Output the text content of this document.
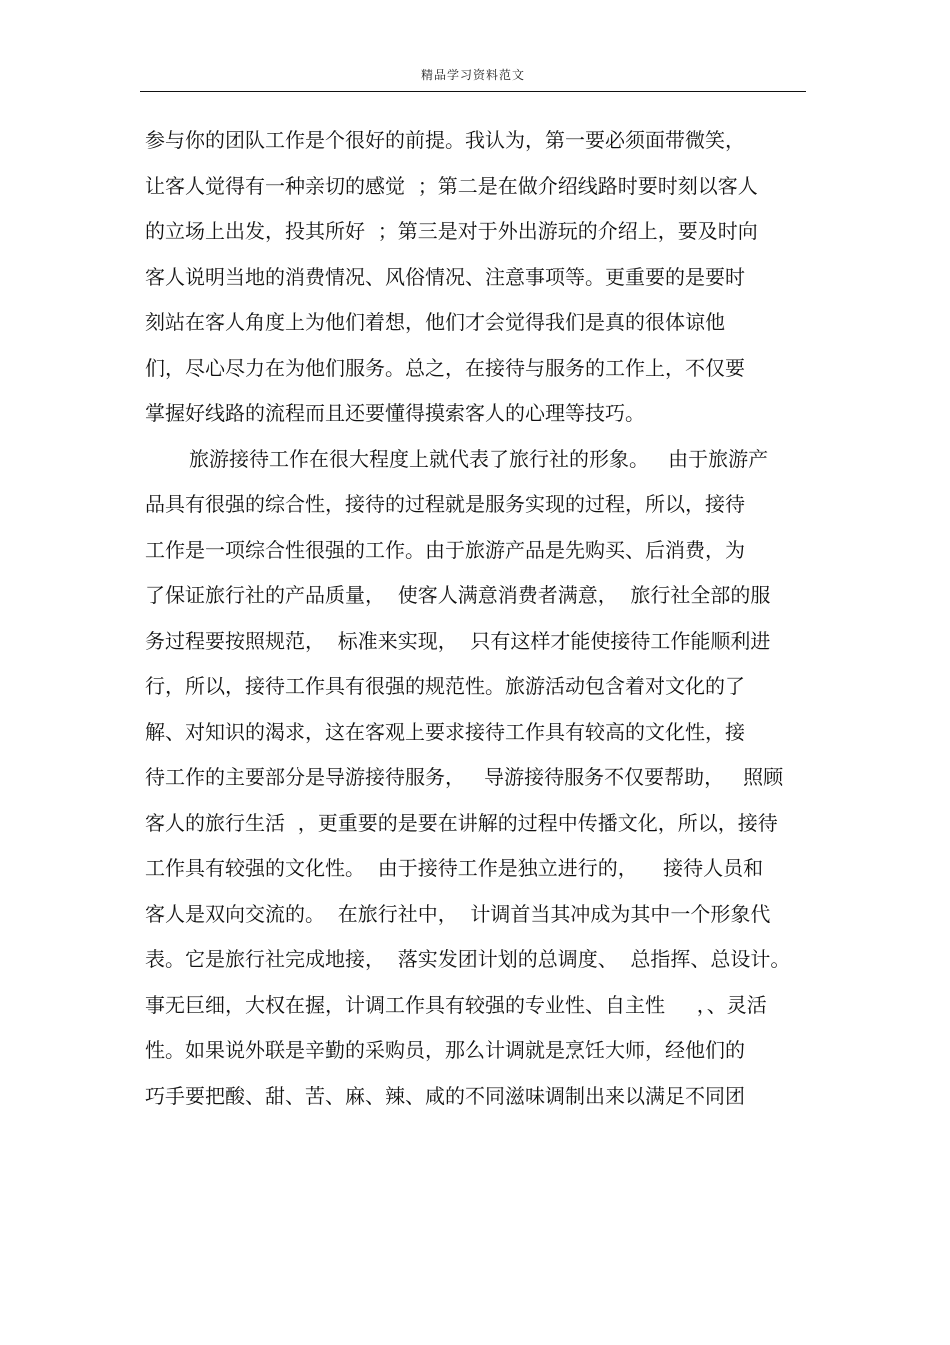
精品学习资料范文
参与你的团队工作是个很好的前提。我认为，第一要必须面带微笑，
让客人觉得有一种亲切的感觉  ；第二是在做介绍线路时要时刻以客人
的立场上出发，投其所好  ；第三是对于外出游玩的介绍上，要及时向
客人说明当地的消费情况、风俗情况、注意事项等。更重要的是要时
刻站在客人角度上为他们着想，他们才会觉得我们是真的很体谅他
们，尽心尽力在为他们服务。总之，在接待与服务的工作上，不仅要
掌握好线路的流程而且还要懂得摸索客人的心理等技巧。
旅游接待工作在很大程度上就代表了旅行社的形象。   由于旅游产
品具有很强的综合性，接待的过程就是服务实现的过程，所以，接待
工作是一项综合性很强的工作。由于旅游产品是先购买、后消费，为
了保证旅行社的产品质量，  使客人满意消费者满意，  旅行社全部的服
务过程要按照规范，  标准来实现，  只有这样才能使接待工作能顺利进
行，所以，接待工作具有很强的规范性。旅游活动包含着对文化的了
解、对知识的渴求，这在客观上要求接待工作具有较高的文化性，接
待工作的主要部分是导游接待服务，   导游接待服务不仅要帮助，   照顾
客人的旅行生活  ，更重要的是要在讲解的过程中传播文化，所以，接待
工作具有较强的文化性。  由于接待工作是独立进行的，    接待人员和
客人是双向交流的。  在旅行社中，  计调首当其冲成为其中一个形象代
表。它是旅行社完成地接，  落实发团计划的总调度、  总指挥、总设计。
事无巨细，大权在握，计调工作具有较强的专业性、自主性     ，、灵活
性。如果说外联是辛勤的采购员，那么计调就是烹饪大师，经他们的
巧手要把酸、甜、苦、麻、辣、咸的不同滋味调制出来以满足不同团
